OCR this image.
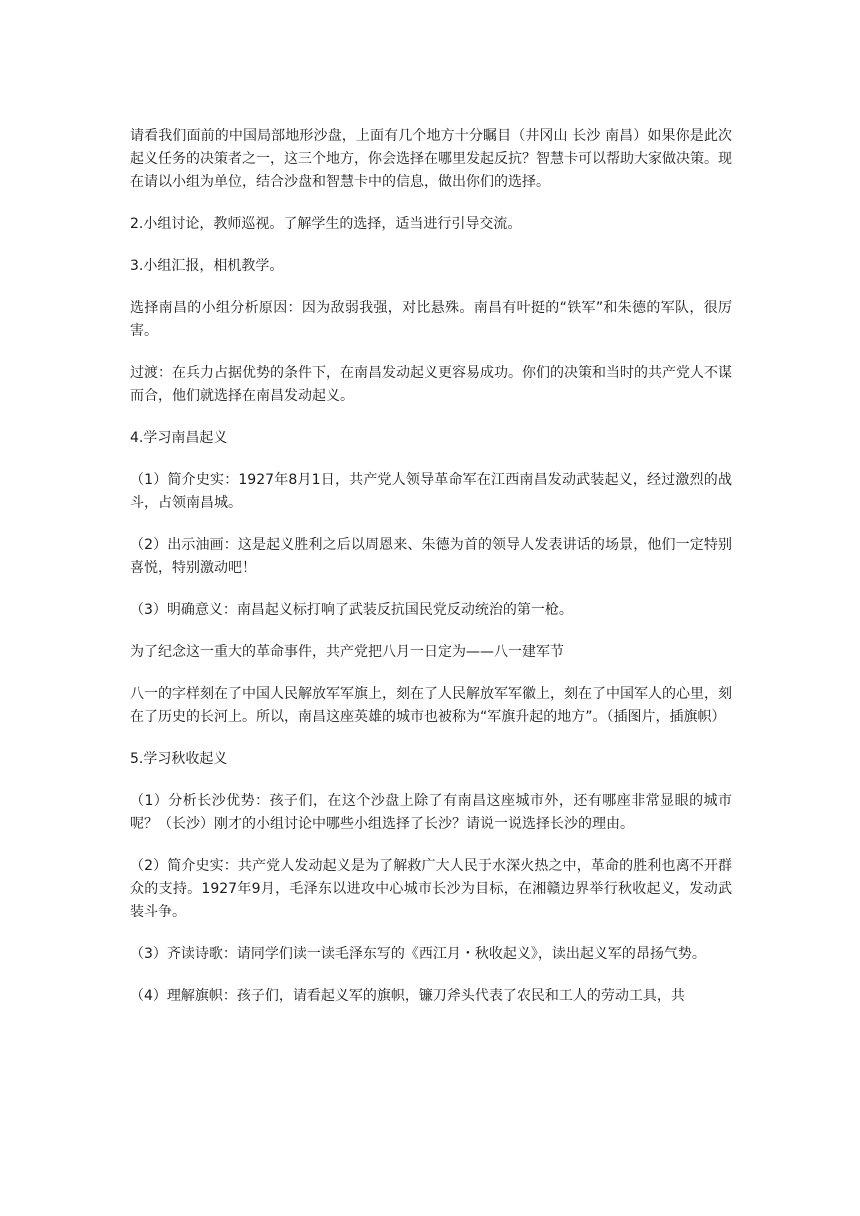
请看我们面前的中国局部地形沙盘，上面有几个地方十分瞩目（井冈山 长沙 南昌）如果你是此次起义任务的决策者之一，这三个地方，你会选择在哪里发起反抗？智慧卡可以帮助大家做决策。现在请以小组为单位，结合沙盘和智慧卡中的信息，做出你们的选择。

2.小组讨论，教师巡视。了解学生的选择，适当进行引导交流。

3.小组汇报，相机教学。

选择南昌的小组分析原因：因为敌弱我强，对比悬殊。南昌有叶挺的“铁军”和朱德的军队，很厉害。

过渡：在兵力占据优势的条件下，在南昌发动起义更容易成功。你们的决策和当时的共产党人不谋而合，他们就选择在南昌发动起义。

4.学习南昌起义

（1）简介史实：1927年8月1日，共产党人领导革命军在江西南昌发动武装起义，经过激烈的战斗，占领南昌城。

（2）出示油画：这是起义胜利之后以周恩来、朱德为首的领导人发表讲话的场景，他们一定特别喜悦，特别激动吧！

（3）明确意义：南昌起义标打响了武装反抗国民党反动统治的第一枪。

为了纪念这一重大的革命事件，共产党把八月一日定为——八一建军节

八一的字样刻在了中国人民解放军军旗上，刻在了人民解放军军徽上，刻在了中国军人的心里，刻在了历史的长河上。所以，南昌这座英雄的城市也被称为“军旗升起的地方”。（插图片，插旗帜）

5.学习秋收起义

（1）分析长沙优势：孩子们，在这个沙盘上除了有南昌这座城市外，还有哪座非常显眼的城市呢？（长沙）刚才的小组讨论中哪些小组选择了长沙？请说一说选择长沙的理由。

（2）简介史实：共产党人发动起义是为了解救广大人民于水深火热之中，革命的胜利也离不开群众的支持。1927年9月，毛泽东以进攻中心城市长沙为目标，在湘赣边界举行秋收起义，发动武装斗争。

（3）齐读诗歌：请同学们读一读毛泽东写的《西江月・秋收起义》，读出起义军的昂扬气势。

（4）理解旗帜：孩子们，请看起义军的旗帜，镰刀斧头代表了农民和工人的劳动工具，共
